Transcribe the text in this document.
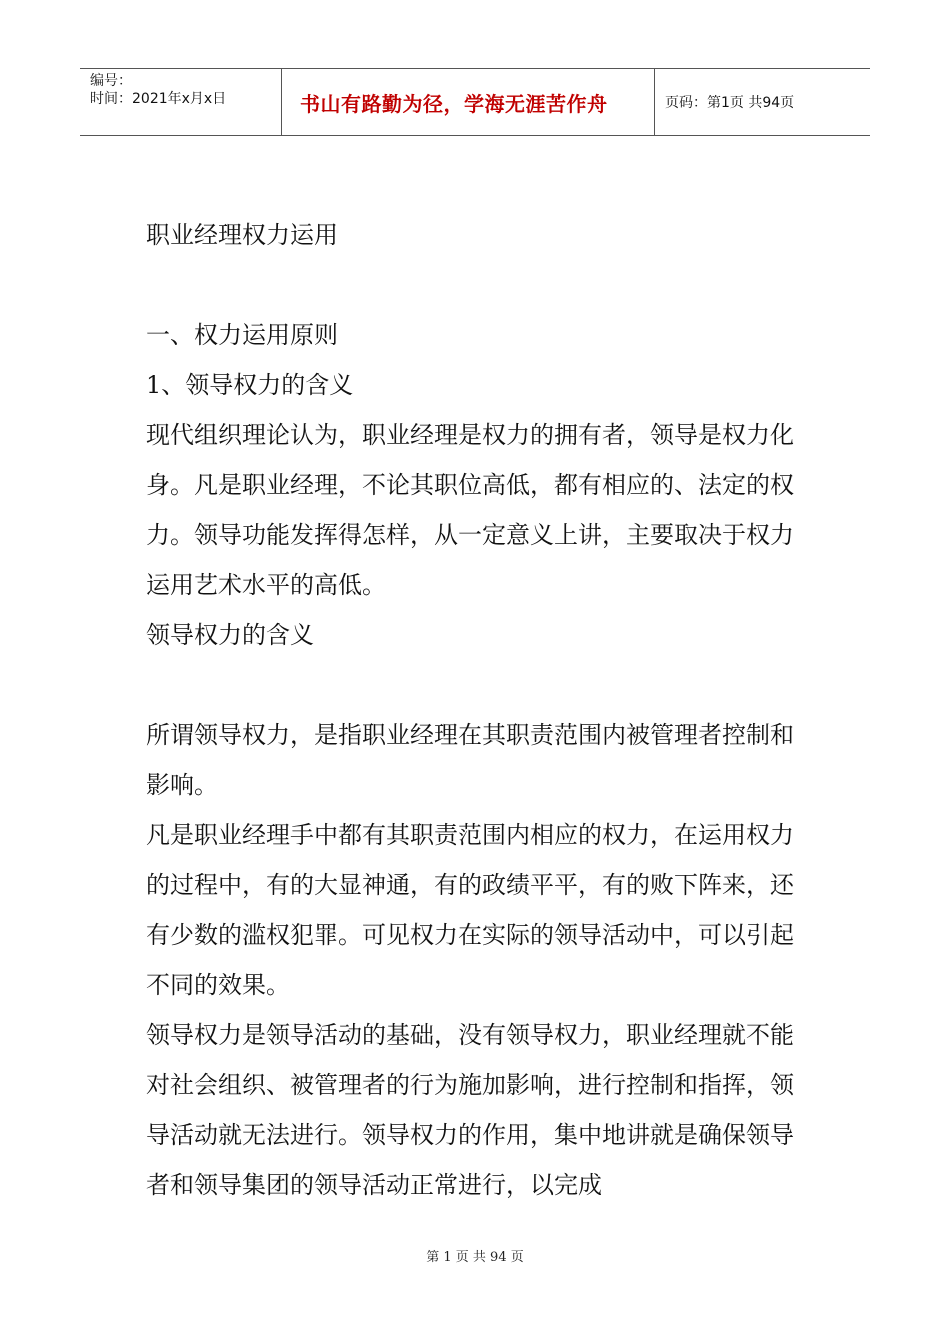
编号：
时间：2021年x月x日	书山有路勤为径，学海无涯苦作舟	页码：第1页 共94页

职业经理权力运用

一、权力运用原则

1、领导权力的含义

现代组织理论认为，职业经理是权力的拥有者，领导是权力化身。凡是职业经理，不论其职位高低，都有相应的、法定的权力。领导功能发挥得怎样，从一定意义上讲，主要取决于权力运用艺术水平的高低。

领导权力的含义

所谓领导权力，是指职业经理在其职责范围内被管理者控制和影响。

凡是职业经理手中都有其职责范围内相应的权力，在运用权力的过程中，有的大显神通，有的政绩平平，有的败下阵来，还有少数的滥权犯罪。可见权力在实际的领导活动中，可以引起不同的效果。

领导权力是领导活动的基础，没有领导权力，职业经理就不能对社会组织、被管理者的行为施加影响，进行控制和指挥，领导活动就无法进行。领导权力的作用，集中地讲就是确保领导者和领导集团的领导活动正常进行，以完成

第 1 页 共 94 页
